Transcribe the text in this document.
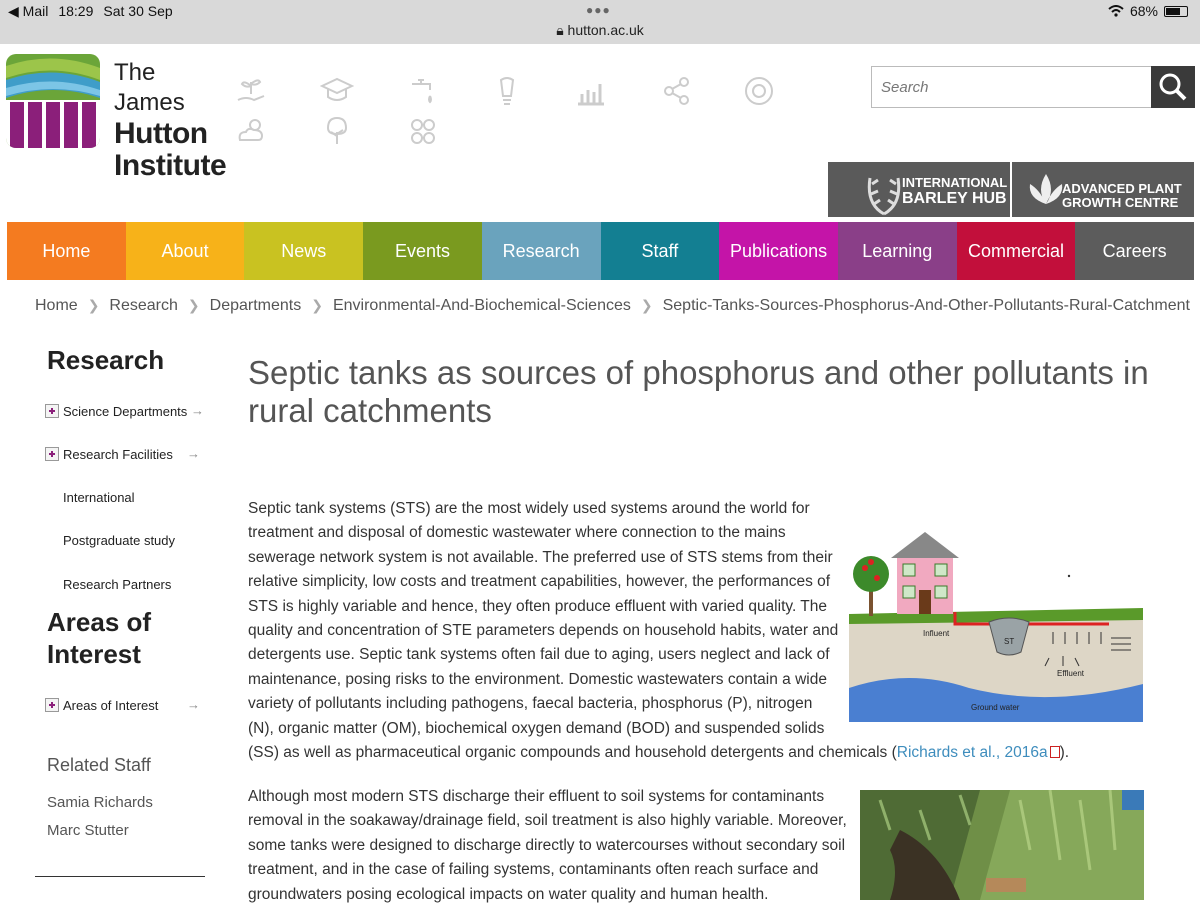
◀ Mail 18:29 Sat 30 Sep	●●●
🔒︎ hutton.ac.uk
68%
The James
Hutton
Institute
Search
INTERNATIONAL
BARLEY HUB
ADVANCED PLANT
GROWTH CENTRE
Home	About	News	Events	Research	Staff	Publications	Learning	Commercial	Careers
Home ❯ Research ❯ Departments ❯ Environmental-And-Biochemical-Sciences ❯ Septic-Tanks-Sources-Phosphorus-And-Other-Pollutants-Rural-Catchment
Research
Science Departments →
Research Facilities →
International
Postgraduate study
Research Partners
Areas of
Interest
Areas of Interest →
Related Staff
Samia Richards
Marc Stutter
Septic tanks as sources of phosphorus and other pollutants in rural catchments
Septic tank systems (STS) are the most widely used systems around the world for
treatment and disposal of domestic wastewater where connection to the mains
sewerage network system is not available. The preferred use of STS stems from their
relative simplicity, low costs and treatment capabilities, however, the performances of
STS is highly variable and hence, they often produce effluent with varied quality. The
quality and concentration of STE parameters depends on household habits, water and
detergents use. Septic tank systems often fail due to aging, users neglect and lack of
maintenance, posing risks to the environment. Domestic wastewaters contain a wide
variety of pollutants including pathogens, faecal bacteria, phosphorus (P), nitrogen
(N), organic matter (OM), biochemical oxygen demand (BOD) and suspended solids
(SS) as well as pharmaceutical organic compounds and household detergents and chemicals (Richards et al., 2016a ).
Although most modern STS discharge their effluent to soil systems for contaminants
removal in the soakaway/drainage field, soil treatment is also highly variable. Moreover,
some tanks were designed to discharge directly to watercourses without secondary soil
treatment, and in the case of failing systems, contaminants often reach surface and
groundwaters posing ecological impacts on water quality and human health.
Influent
ST
Effluent
Ground water
